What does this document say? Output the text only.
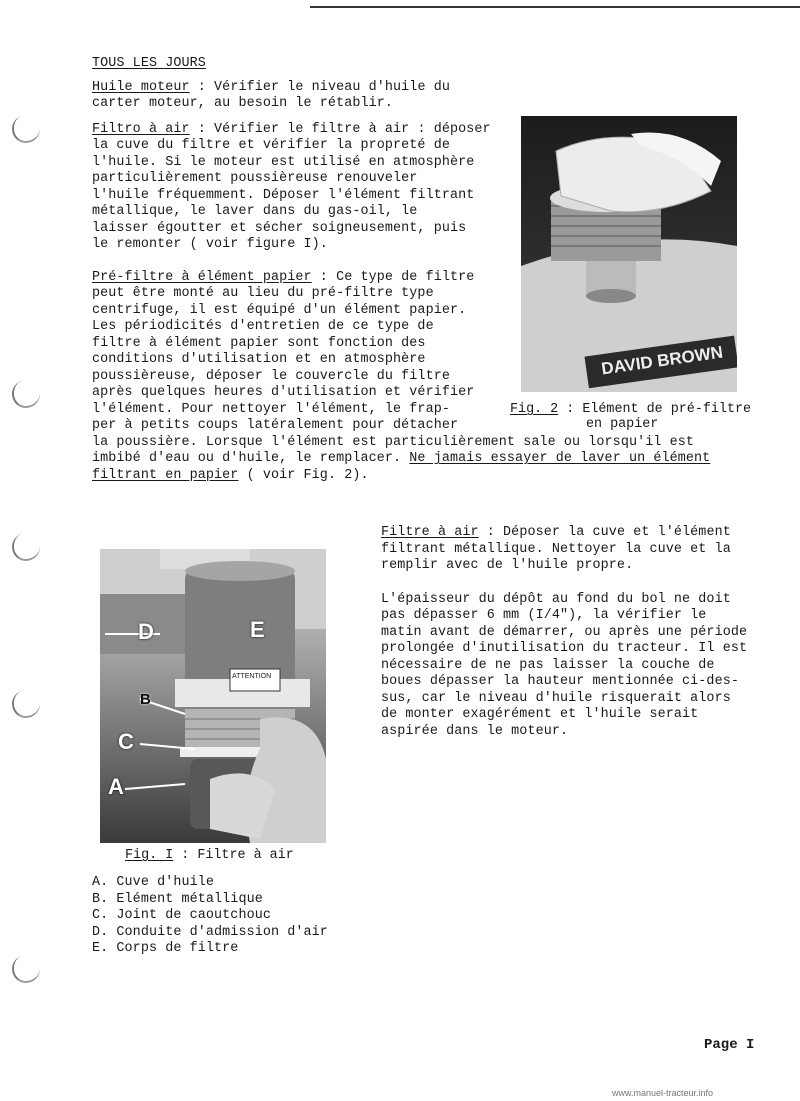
TOUS LES JOURS
Huile moteur : Vérifier le niveau d'huile du
carter moteur, au besoin le rétablir.
Filtro à air : Vérifier le filtre à air : déposer
la cuve du filtre et vérifier la propreté de
l'huile. Si le moteur est utilisé en atmosphère
particulièrement poussièreuse renouveler
l'huile fréquemment. Déposer l'élément filtrant
métallique, le laver dans du gas-oil, le
laisser égoutter et sécher soigneusement, puis
le remonter ( voir figure I).
Pré-filtre à élément papier : Ce type de filtre
peut être monté au lieu du pré-filtre type
centrifuge, il est équipé d'un élément papier.
Les périodicités d'entretien de ce type de
filtre à élément papier sont fonction des
conditions d'utilisation et en atmosphère
poussièreuse, déposer le couvercle du filtre
après quelques heures d'utilisation et vérifier
l'élément. Pour nettoyer l'élément, le frap-
per à petits coups latéralement pour détacher
la poussière. Lorsque l'élément est particulièrement sale ou lorsqu'il est
imbibé d'eau ou d'huile, le remplacer. Ne jamais essayer de laver un élément
filtrant en papier ( voir Fig. 2).
DAVID BROWN
Fig. 2 : Elément de pré-filtre
en papier
Filtre à air : Déposer la cuve et l'élément
filtrant métallique. Nettoyer la cuve et la
remplir avec de l'huile propre.
L'épaisseur du dépôt au fond du bol ne doit
pas dépasser 6 mm (I/4"), la vérifier le
matin avant de démarrer, ou après une période
prolongée d'inutilisation du tracteur. Il est
nécessaire de ne pas laisser la couche de
boues dépasser la hauteur mentionnée ci-des-
sus, car le niveau d'huile risquerait alors
de monter exagérément et l'huile serait
aspirée dans le moteur.
D	E
B
C
A
ATTENTION
Fig. I : Filtre à air
A. Cuve d'huile
B. Elément métallique
C. Joint de caoutchouc
D. Conduite d'admission d'air
E. Corps de filtre
Page I
www.manuel-tracteur.info
